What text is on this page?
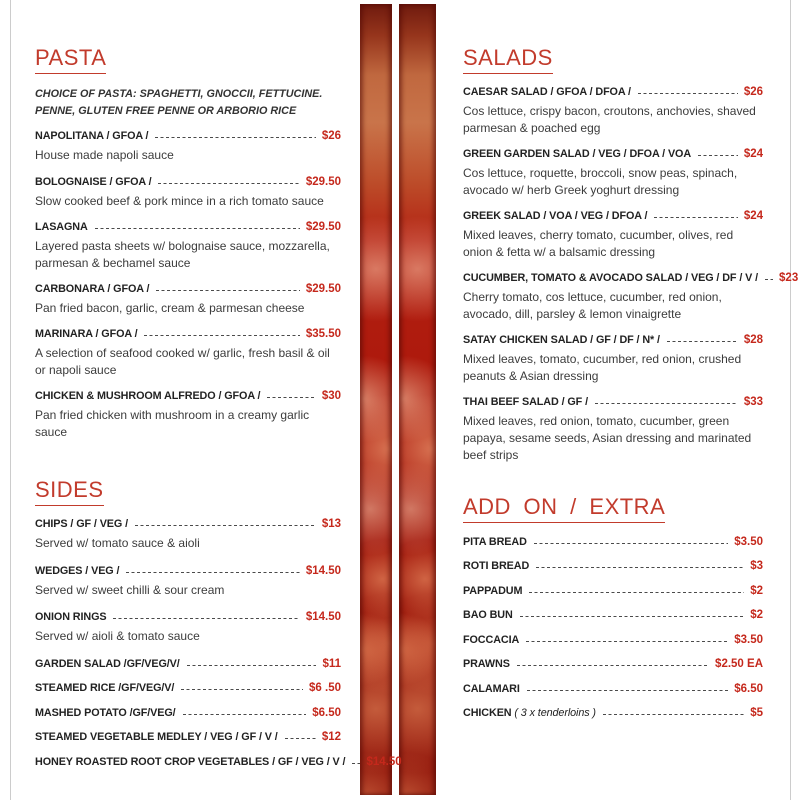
PASTA
CHOICE OF PASTA: SPAGHETTI, GNOCCII, FETTUCINE. PENNE, GLUTEN FREE PENNE OR ARBORIO RICE
NAPOLITANA / GFOA /	$26
House made napoli sauce
BOLOGNAISE / GFOA /	$29.50
Slow cooked beef & pork mince in a rich tomato sauce
LASAGNA	$29.50
Layered pasta sheets w/ bolognaise sauce, mozzarella, parmesan & bechamel sauce
CARBONARA / GFOA /	$29.50
Pan fried bacon, garlic, cream & parmesan cheese
MARINARA / GFOA /	$35.50
A selection of seafood cooked w/ garlic, fresh basil & oil or napoli sauce
CHICKEN & MUSHROOM ALFREDO / GFOA /	$30
Pan fried chicken with mushroom in a creamy garlic sauce
SIDES
CHIPS / GF / VEG /	$13
Served w/ tomato sauce & aioli
WEDGES / VEG /	$14.50
Served w/ sweet chilli & sour cream
ONION RINGS	$14.50
Served w/ aioli & tomato sauce
GARDEN SALAD /GF/VEG/V/	$11
STEAMED RICE /GF/VEG/V/	$6 .50
MASHED POTATO /GF/VEG/	$6.50
STEAMED VEGETABLE MEDLEY / VEG / GF / V /	$12
HONEY ROASTED ROOT CROP VEGETABLES / GF / VEG / V / $14.50
SALADS
CAESAR SALAD / GFOA / DFOA /	$26
Cos lettuce, crispy bacon, croutons, anchovies, shaved parmesan & poached egg
GREEN GARDEN SALAD / VEG / DFOA / VOA	$24
Cos lettuce, roquette, broccoli, snow peas, spinach, avocado w/ herb Greek yoghurt dressing
GREEK SALAD / VOA / VEG / DFOA /	$24
Mixed leaves, cherry tomato, cucumber, olives, red onion & fetta w/ a balsamic dressing
CUCUMBER, TOMATO & AVOCADO SALAD / VEG / DF / V / $23
Cherry tomato, cos lettuce, cucumber, red onion, avocado, dill, parsley & lemon vinaigrette
SATAY CHICKEN SALAD / GF / DF / N* /	$28
Mixed leaves, tomato, cucumber, red onion, crushed peanuts & Asian dressing
THAI BEEF SALAD / GF /	$33
Mixed leaves, red onion, tomato, cucumber, green papaya, sesame seeds, Asian dressing and marinated beef strips
ADD ON / EXTRA
PITA BREAD	$3.50
ROTI BREAD	$3
PAPPADUM	$2
BAO BUN	$2
FOCCACIA	$3.50
PRAWNS	$2.50 EA
CALAMARI	$6.50
CHICKEN ( 3 x tenderloins )	$5
